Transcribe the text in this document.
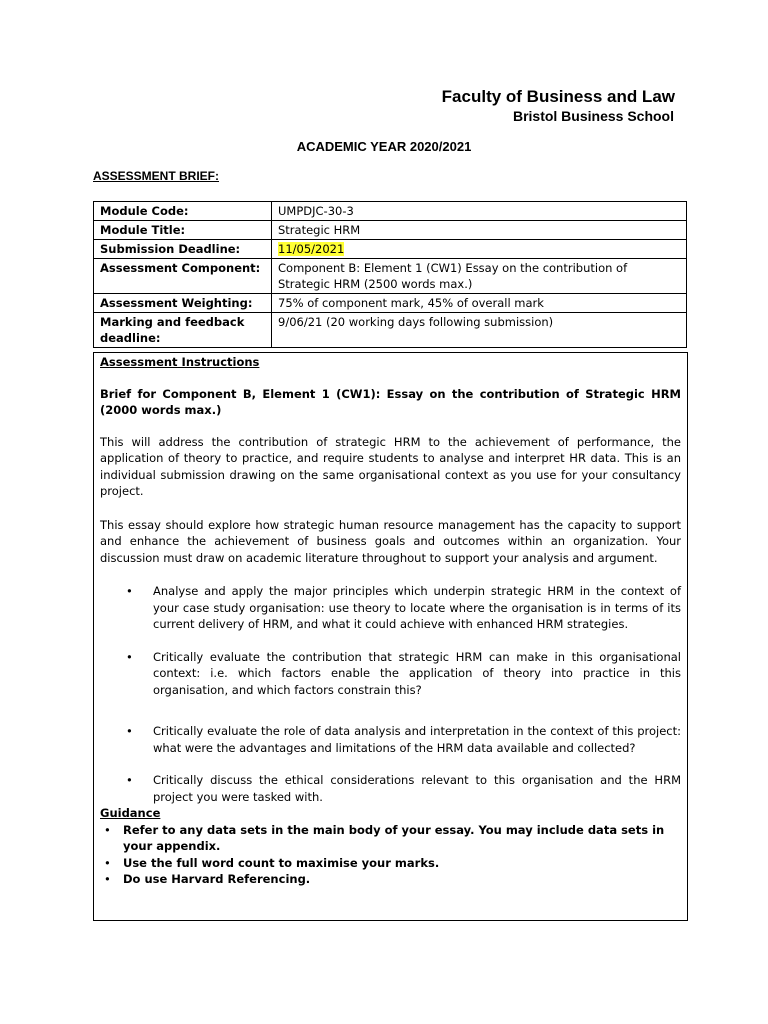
Faculty of Business and Law
Bristol Business School
ACADEMIC YEAR 2020/2021
ASSESSMENT BRIEF:
Module Code:	UMPDJC-30-3
Module Title:	Strategic HRM
Submission Deadline:	11/05/2021
Assessment Component:	Component B: Element 1 (CW1) Essay on the contribution of Strategic HRM (2500 words max.)
Assessment Weighting:	75% of component mark, 45% of overall mark
Marking and feedback deadline:	9/06/21 (20 working days following submission)

Assessment Instructions

Brief for Component B, Element 1 (CW1): Essay on the contribution of Strategic HRM (2000 words max.)

This will address the contribution of strategic HRM to the achievement of performance, the application of theory to practice, and require students to analyse and interpret HR data. This is an individual submission drawing on the same organisational context as you use for your consultancy project.

This essay should explore how strategic human resource management has the capacity to support and enhance the achievement of business goals and outcomes within an organization. Your discussion must draw on academic literature throughout to support your analysis and argument.

• Analyse and apply the major principles which underpin strategic HRM in the context of your case study organisation: use theory to locate where the organisation is in terms of its current delivery of HRM, and what it could achieve with enhanced HRM strategies.
• Critically evaluate the contribution that strategic HRM can make in this organisational context: i.e. which factors enable the application of theory into practice in this organisation, and which factors constrain this?
• Critically evaluate the role of data analysis and interpretation in the context of this project: what were the advantages and limitations of the HRM data available and collected?
• Critically discuss the ethical considerations relevant to this organisation and the HRM project you were tasked with.

Guidance

• Refer to any data sets in the main body of your essay. You may include data sets in your appendix.
• Use the full word count to maximise your marks.
• Do use Harvard Referencing.
